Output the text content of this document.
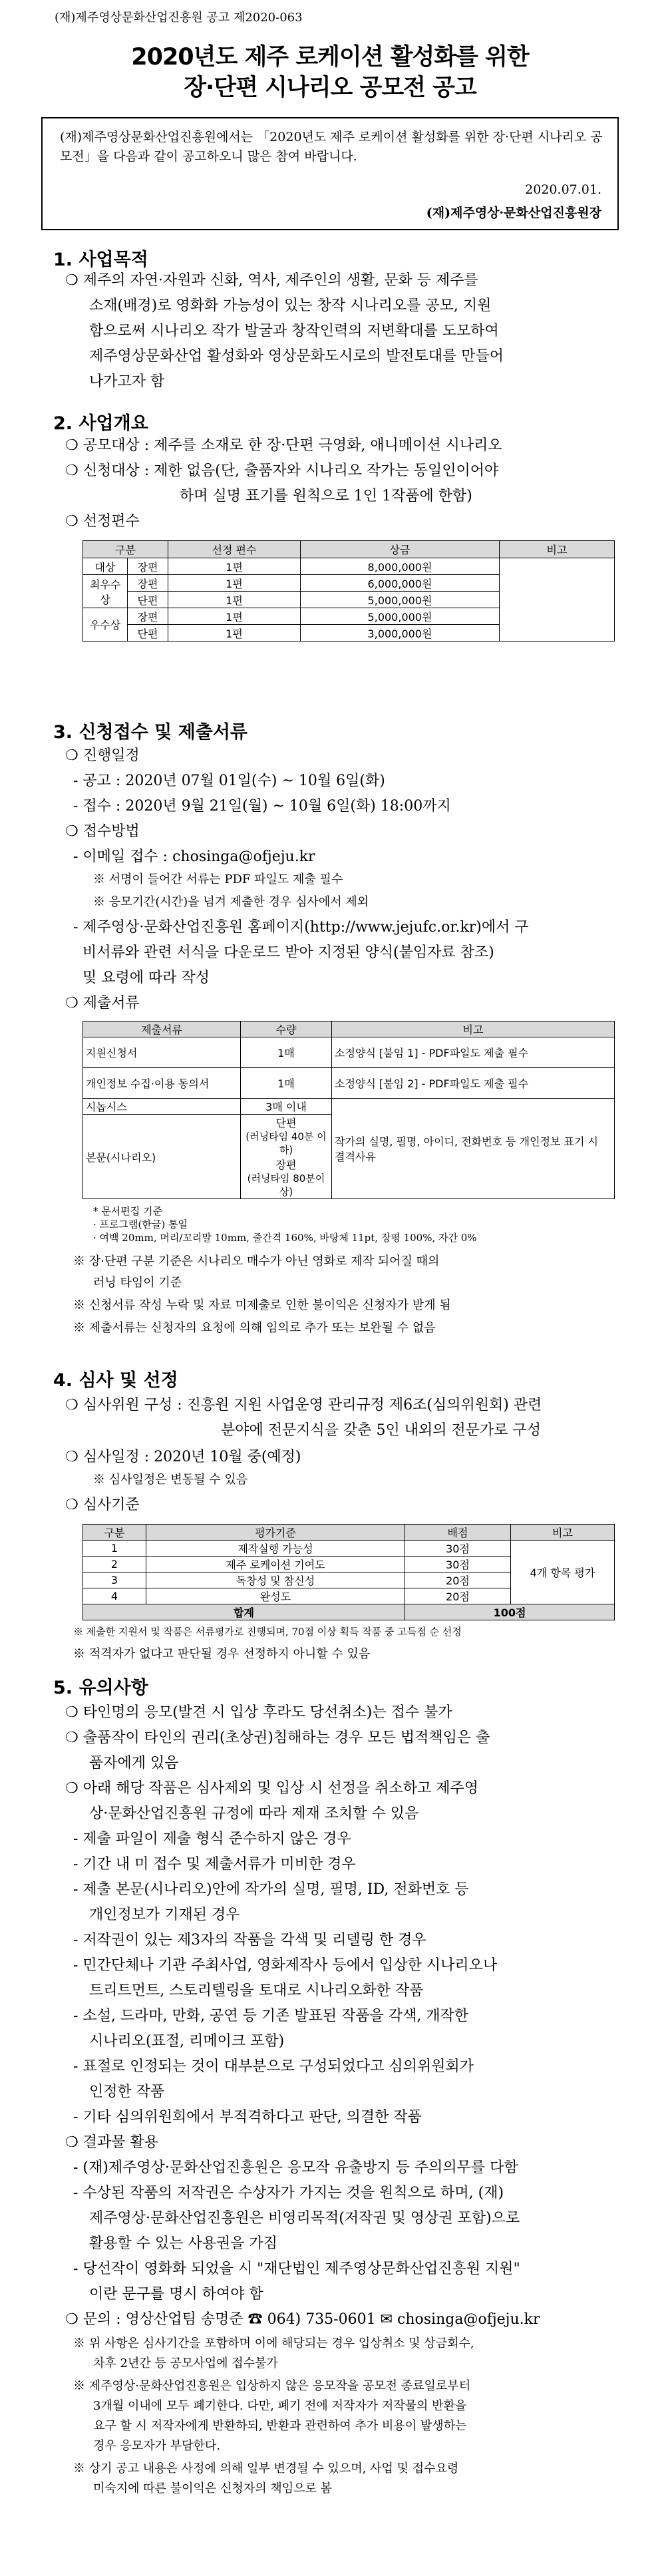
(재)제주영상문화산업진흥원 공고 제2020-063
2020년도 제주 로케이션 활성화를 위한
장·단편 시나리오 공모전 공고
(재)제주영상문화산업진흥원에서는 「2020년도 제주 로케이션 활성화를 위한 장·단편 시나리오 공모전」을 다음과 같이 공고하오니 많은 참여 바랍니다.
2020.07.01.
(재)제주영상·문화산업진흥원장
1. 사업목적
❍ 제주의 자연·자원과 신화, 역사, 제주인의 생활, 문화 등 제주를
소재(배경)로 영화화 가능성이 있는 창작 시나리오를 공모, 지원
함으로써 시나리오 작가 발굴과 창작인력의 저변확대를 도모하여
제주영상문화산업 활성화와 영상문화도시로의 발전토대를 만들어
나가고자 함
2. 사업개요
❍ 공모대상 : 제주를 소재로 한 장·단편 극영화, 애니메이션 시나리오
❍ 신청대상 : 제한 없음(단, 출품자와 시나리오 작가는 동일인이어야
하며 실명 표기를 원칙으로 1인 1작품에 한함)
❍ 선정편수
구분		선정 편수	상금	비고
대상	장편	1편	8,000,000원	
최우수상	장편	1편	6,000,000원	
	단편	1편	5,000,000원	
우수상	장편	1편	5,000,000원	
	단편	1편	3,000,000원	
3. 신청접수 및 제출서류
❍ 진행일정
- 공고 : 2020년 07월 01일(수) ~ 10월 6일(화)
- 접수 : 2020년 9월 21일(월) ~ 10월 6일(화) 18:00까지
❍ 접수방법
- 이메일 접수 : chosinga@ofjeju.kr
※ 서명이 들어간 서류는 PDF 파일도 제출 필수
※ 응모기간(시간)을 넘겨 제출한 경우 심사에서 제외
- 제주영상·문화산업진흥원 홈페이지(http://www.jejufc.or.kr)에서 구
비서류와 관련 서식을 다운로드 받아 지정된 양식(붙임자료 참조)
및 요령에 따라 작성
❍ 제출서류
제출서류	수량	비고
지원신청서	1매	소정양식 [붙임 1] - PDF파일도 제출 필수
개인정보 수집·이용 동의서	1매	소정양식 [붙임 2] - PDF파일도 제출 필수
시놉시스	3매 이내	작가의 실명, 필명, 아이디, 전화번호 등 개인정보 표기 시 결격사유
본문(시나리오)	단편
(러닝타임 40분 이하)
장편
(러닝타임 80분이상)	
* 문서편집 기준
· 프로그램(한글) 통일
· 여백 20mm, 머리/꼬리말 10mm, 줄간격 160%, 바탕체 11pt, 장평 100%, 자간 0%
※ 장·단편 구분 기준은 시나리오 매수가 아닌 영화로 제작 되어질 때의
러닝 타임이 기준
※ 신청서류 작성 누락 및 자료 미제출로 인한 불이익은 신청자가 받게 됨
※ 제출서류는 신청자의 요청에 의해 임의로 추가 또는 보완될 수 없음
4. 심사 및 선정
❍ 심사위원 구성 : 진흥원 지원 사업운영 관리규정 제6조(심의위원회) 관련
분야에 전문지식을 갖춘 5인 내외의 전문가로 구성
❍ 심사일정 : 2020년 10월 중(예정)
※ 심사일정은 변동될 수 있음
❍ 심사기준
구분	평가기준	배점	비고
1	제작실행 가능성	30점	4개 항목 평가
2	제주 로케이션 기여도	30점	
3	독창성 및 참신성	20점	
4	완성도	20점	
합계		100점	
※ 제출한 지원서 및 작품은 서류평가로 진행되며, 70점 이상 획득 작품 중 고득점 순 선정
※ 적격자가 없다고 판단될 경우 선정하지 아니할 수 있음
5. 유의사항
❍ 타인명의 응모(발견 시 입상 후라도 당선취소)는 접수 불가
❍ 출품작이 타인의 권리(초상권)침해하는 경우 모든 법적책임은 출
품자에게 있음
❍ 아래 해당 작품은 심사제외 및 입상 시 선정을 취소하고 제주영
상·문화산업진흥원 규정에 따라 제재 조치할 수 있음
- 제출 파일이 제출 형식 준수하지 않은 경우
- 기간 내 미 접수 및 제출서류가 미비한 경우
- 제출 본문(시나리오)안에 작가의 실명, 필명, ID, 전화번호 등
개인정보가 기재된 경우
- 저작권이 있는 제3자의 작품을 각색 및 리델링 한 경우
- 민간단체나 기관 주최사업, 영화제작사 등에서 입상한 시나리오나
트리트먼트, 스토리텔링을 토대로 시나리오화한 작품
- 소설, 드라마, 만화, 공연 등 기존 발표된 작품을 각색, 개작한
시나리오(표절, 리메이크 포함)
- 표절로 인정되는 것이 대부분으로 구성되었다고 심의위원회가
인정한 작품
- 기타 심의위원회에서 부적격하다고 판단, 의결한 작품
❍ 결과물 활용
- (재)제주영상·문화산업진흥원은 응모작 유출방지 등 주의의무를 다함
- 수상된 작품의 저작권은 수상자가 가지는 것을 원칙으로 하며, (재)
제주영상·문화산업진흥원은 비영리목적(저작권 및 영상권 포함)으로
활용할 수 있는 사용권을 가짐
- 당선작이 영화화 되었을 시 "재단법인 제주영상문화산업진흥원 지원"
이란 문구를 명시 하여야 함
❍ 문의 : 영상산업팀 송명준 ☎ 064) 735-0601 ✉ chosinga@ofjeju.kr
※ 위 사항은 심사기간을 포함하며 이에 해당되는 경우 입상취소 및 상금회수,
차후 2년간 등 공모사업에 접수불가
※ 제주영상·문화산업진흥원은 입상하지 않은 응모작을 공모전 종료일로부터
3개월 이내에 모두 폐기한다. 다만, 폐기 전에 저작자가 저작물의 반환을
요구 할 시 저작자에게 반환하되, 반환과 관련하여 추가 비용이 발생하는
경우 응모자가 부담한다.
※ 상기 공고 내용은 사정에 의해 일부 변경될 수 있으며, 사업 및 접수요령
미숙지에 따른 불이익은 신청자의 책임으로 봄
